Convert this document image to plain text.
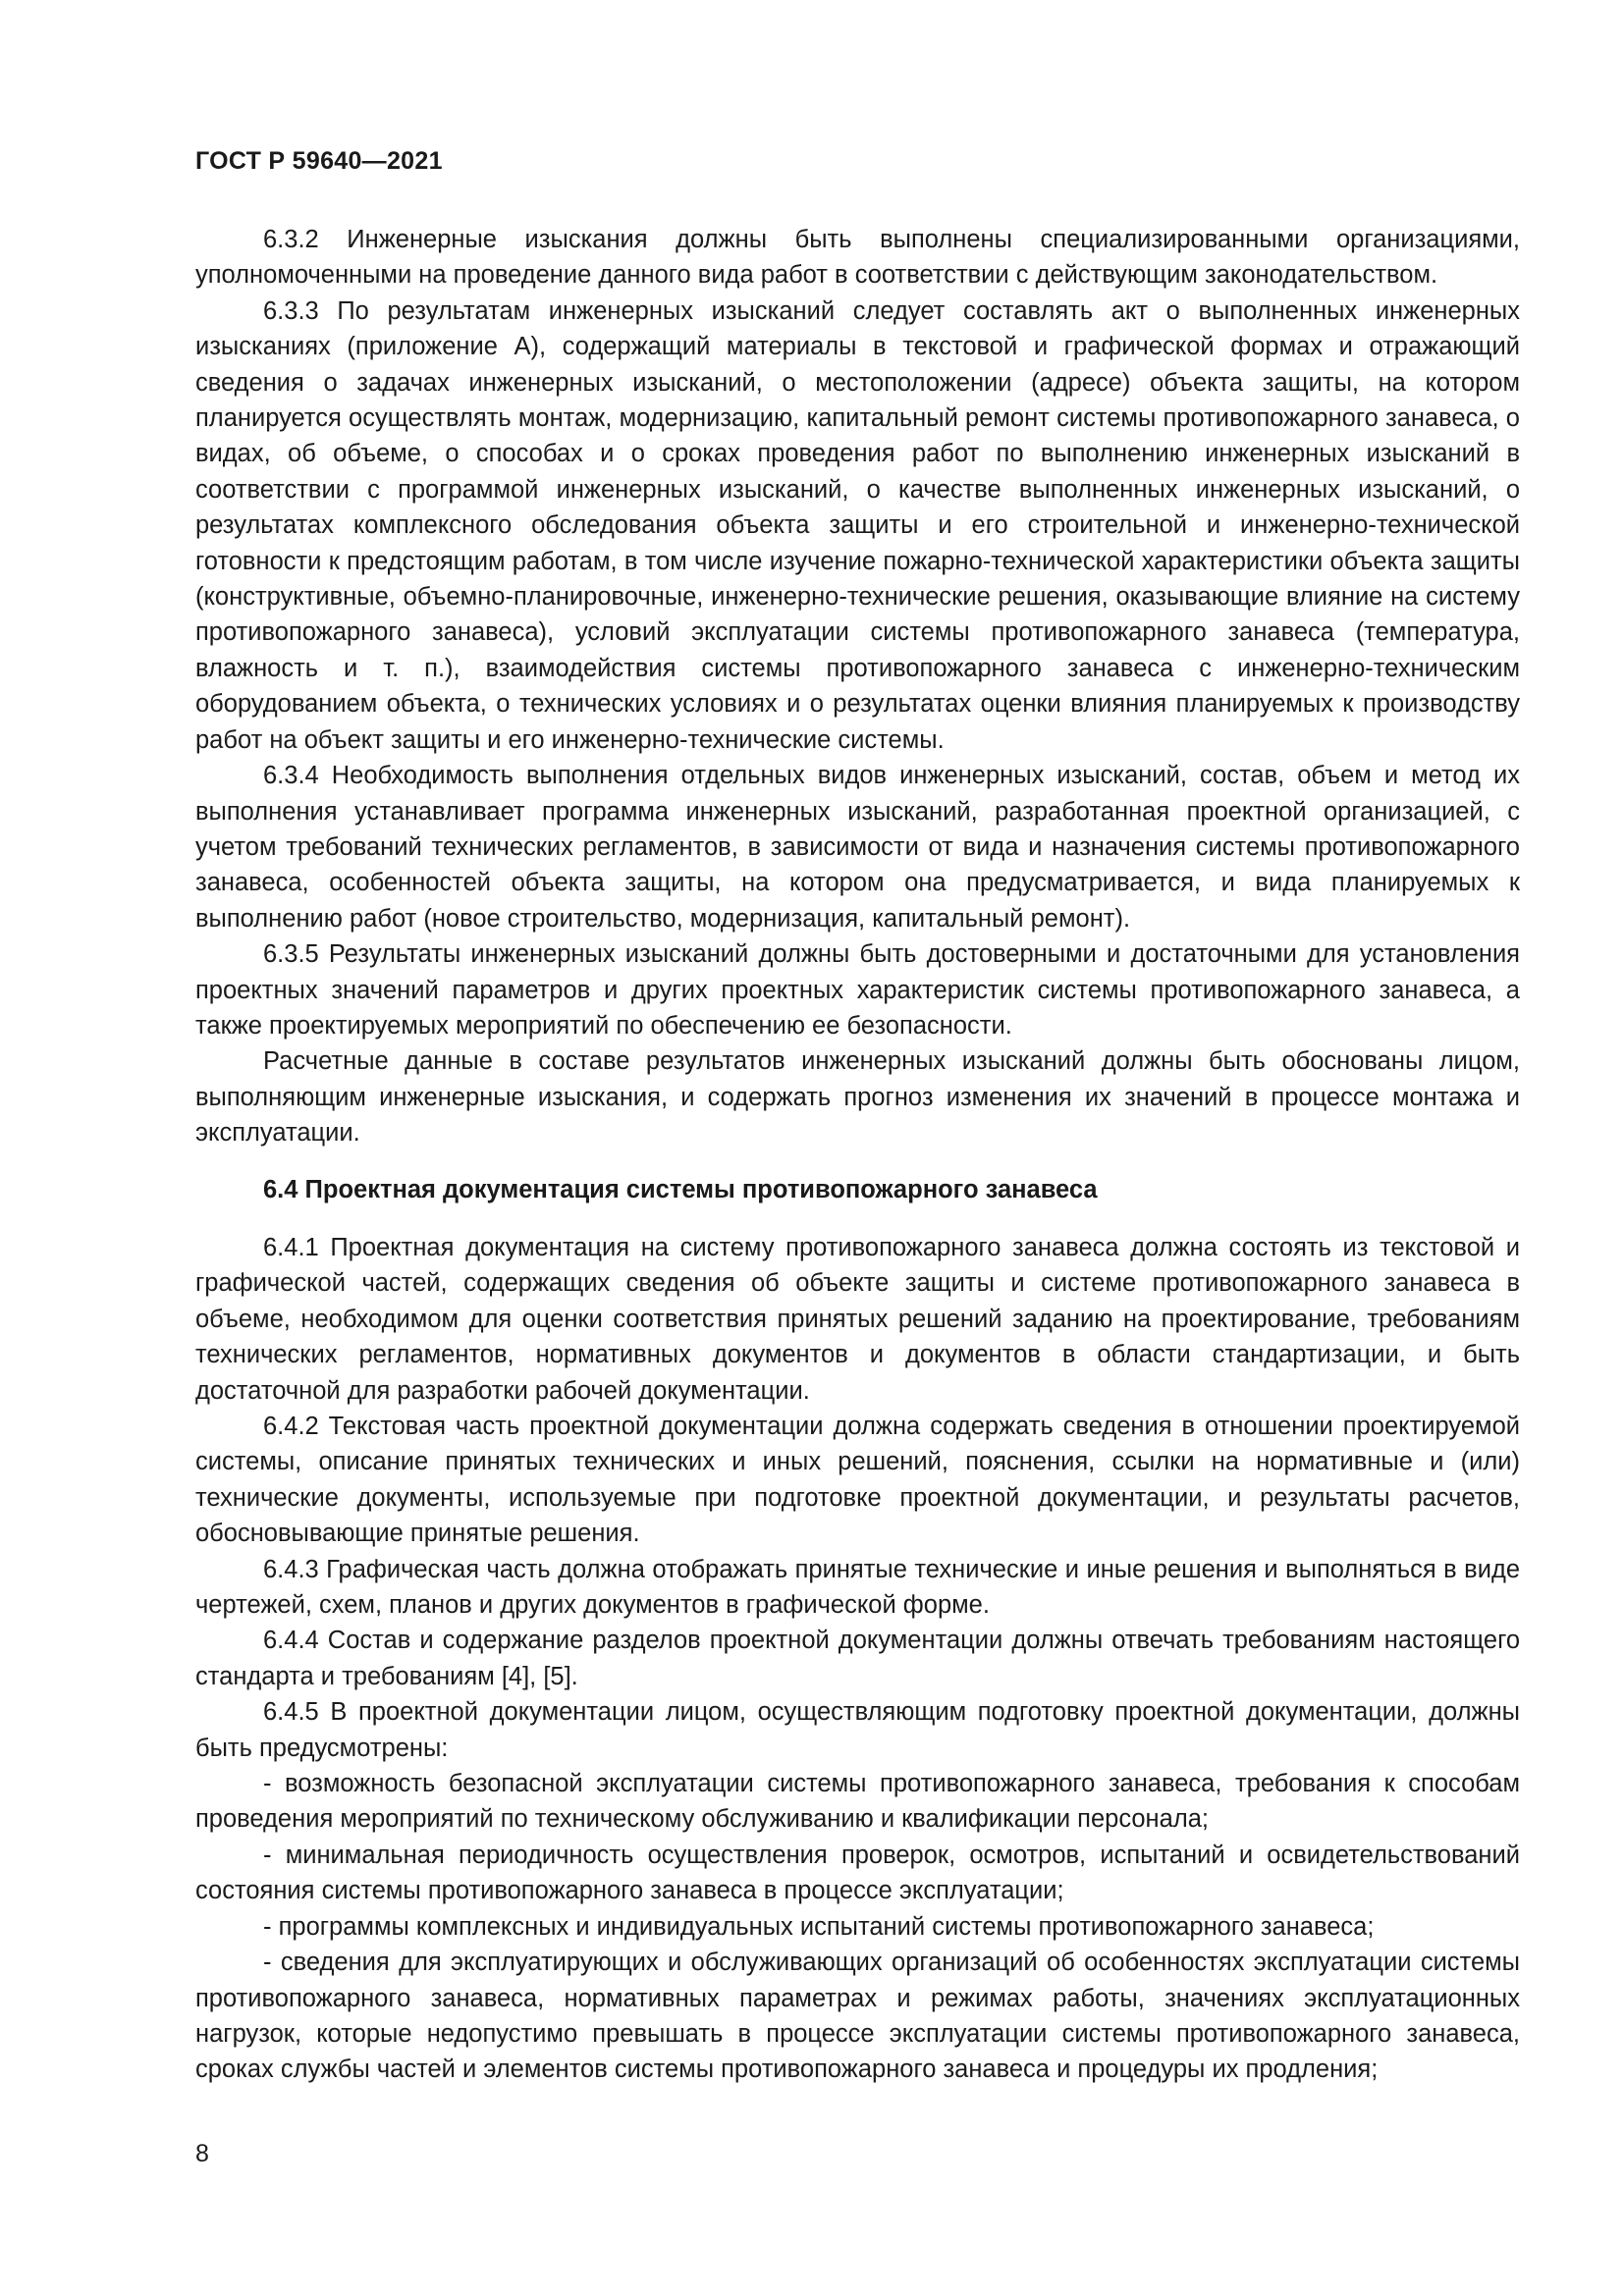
ГОСТ Р 59640—2021

6.3.2 Инженерные изыскания должны быть выполнены специализированными организациями, уполномоченными на проведение данного вида работ в соответствии с действующим законодательством.

6.3.3 По результатам инженерных изысканий следует составлять акт о выполненных инженерных изысканиях (приложение А), содержащий материалы в текстовой и графической формах и отражающий сведения о задачах инженерных изысканий, о местоположении (адресе) объекта защиты, на котором планируется осуществлять монтаж, модернизацию, капитальный ремонт системы противопожарного занавеса, о видах, об объеме, о способах и о сроках проведения работ по выполнению инженерных изысканий в соответствии с программой инженерных изысканий, о качестве выполненных инженерных изысканий, о результатах комплексного обследования объекта защиты и его строительной и инженерно-технической готовности к предстоящим работам, в том числе изучение пожарно-технической характеристики объекта защиты (конструктивные, объемно-планировочные, инженерно-технические решения, оказывающие влияние на систему противопожарного занавеса), условий эксплуатации системы противопожарного занавеса (температура, влажность и т. п.), взаимодействия системы противопожарного занавеса с инженерно-техническим оборудованием объекта, о технических условиях и о результатах оценки влияния планируемых к производству работ на объект защиты и его инженерно-технические системы.

6.3.4 Необходимость выполнения отдельных видов инженерных изысканий, состав, объем и метод их выполнения устанавливает программа инженерных изысканий, разработанная проектной организацией, с учетом требований технических регламентов, в зависимости от вида и назначения системы противопожарного занавеса, особенностей объекта защиты, на котором она предусматривается, и вида планируемых к выполнению работ (новое строительство, модернизация, капитальный ремонт).

6.3.5 Результаты инженерных изысканий должны быть достоверными и достаточными для установления проектных значений параметров и других проектных характеристик системы противопожарного занавеса, а также проектируемых мероприятий по обеспечению ее безопасности.

Расчетные данные в составе результатов инженерных изысканий должны быть обоснованы лицом, выполняющим инженерные изыскания, и содержать прогноз изменения их значений в процессе монтажа и эксплуатации.

6.4 Проектная документация системы противопожарного занавеса

6.4.1 Проектная документация на систему противопожарного занавеса должна состоять из текстовой и графической частей, содержащих сведения об объекте защиты и системе противопожарного занавеса в объеме, необходимом для оценки соответствия принятых решений заданию на проектирование, требованиям технических регламентов, нормативных документов и документов в области стандартизации, и быть достаточной для разработки рабочей документации.

6.4.2 Текстовая часть проектной документации должна содержать сведения в отношении проектируемой системы, описание принятых технических и иных решений, пояснения, ссылки на нормативные и (или) технические документы, используемые при подготовке проектной документации, и результаты расчетов, обосновывающие принятые решения.

6.4.3 Графическая часть должна отображать принятые технические и иные решения и выполняться в виде чертежей, схем, планов и других документов в графической форме.

6.4.4 Состав и содержание разделов проектной документации должны отвечать требованиям настоящего стандарта и требованиям [4], [5].

6.4.5 В проектной документации лицом, осуществляющим подготовку проектной документации, должны быть предусмотрены:

- возможность безопасной эксплуатации системы противопожарного занавеса, требования к способам проведения мероприятий по техническому обслуживанию и квалификации персонала;

- минимальная периодичность осуществления проверок, осмотров, испытаний и освидетельствований состояния системы противопожарного занавеса в процессе эксплуатации;

- программы комплексных и индивидуальных испытаний системы противопожарного занавеса;

- сведения для эксплуатирующих и обслуживающих организаций об особенностях эксплуатации системы противопожарного занавеса, нормативных параметрах и режимах работы, значениях эксплуатационных нагрузок, которые недопустимо превышать в процессе эксплуатации системы противопожарного занавеса, сроках службы частей и элементов системы противопожарного занавеса и процедуры их продления;

8
